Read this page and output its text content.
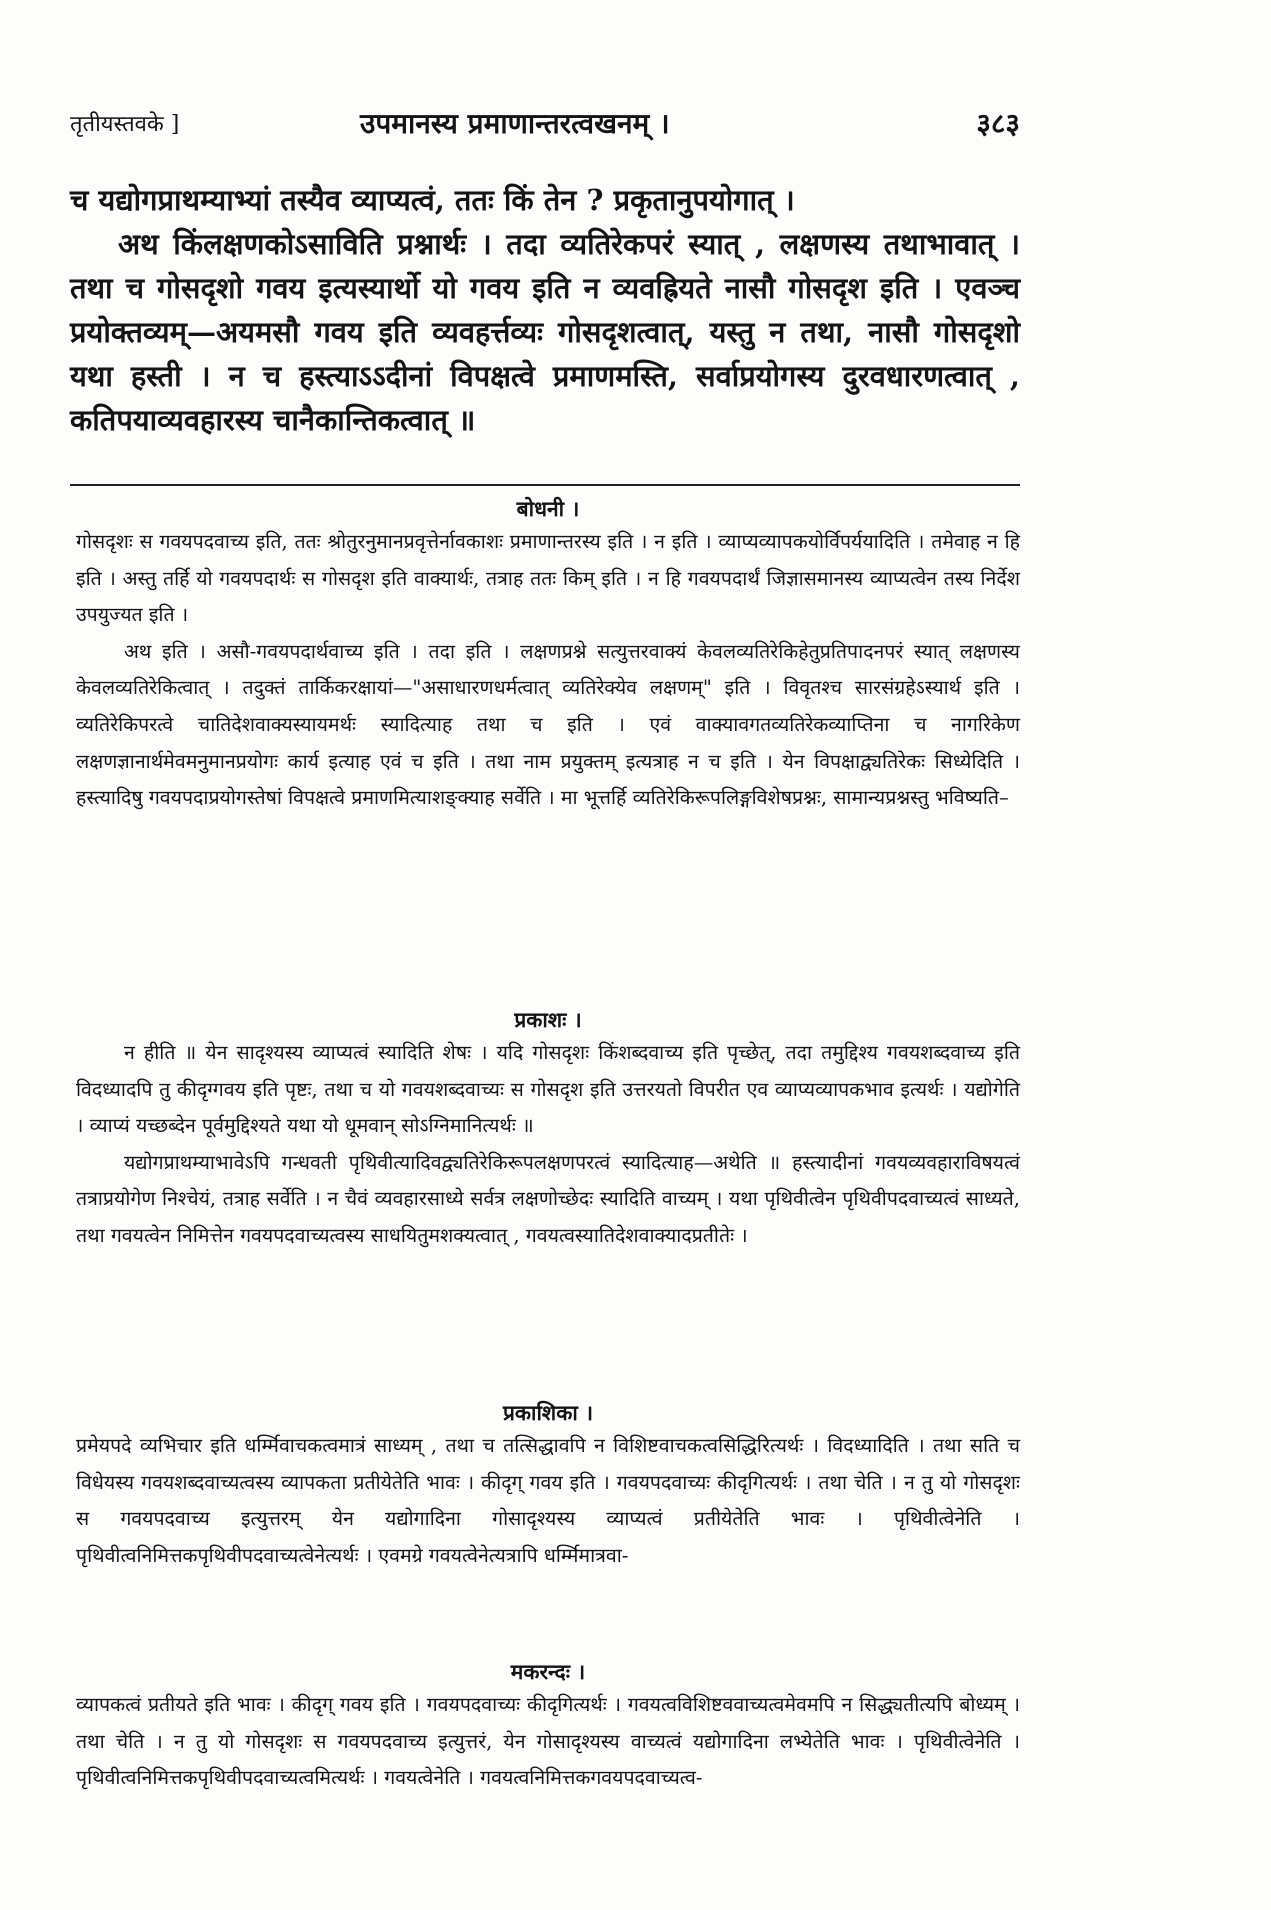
तृतीयस्तवके ]	उपमानस्य प्रमाणान्तरत्वखनम् ।	३८३

च यद्योगप्राथम्याभ्यां तस्यैव व्याप्यत्वं, ततः किं तेन ? प्रकृतानुपयोगात् ।

अथ किंलक्षणकोऽसाविति प्रश्नार्थः । तदा व्यतिरेकपरं स्यात् , लक्षणस्य तथाभावात् । तथा च गोसदृशो गवय इत्यस्यार्थो यो गवय इति न व्यवह्रियते नासौ गोसदृश इति । एवञ्च प्रयोक्तव्यम्—अयमसौ गवय इति व्यवहर्त्तव्यः गोसदृशत्वात्, यस्तु न तथा, नासौ गोसदृशो यथा हस्ती । न च हस्त्याऽऽदीनां विपक्षत्वे प्रमाणमस्ति, सर्वाप्रयोगस्य दुरवधारणत्वात् , कतिपयाव्यवहारस्य चानैकान्तिकत्वात् ॥

बोधनी ।

गोसदृशः स गवयपदवाच्य इति, ततः श्रोतुरनुमानप्रवृत्तेर्नावकाशः प्रमाणान्तरस्य इति । न इति । व्याप्यव्यापकयोर्विपर्ययादिति । तमेवाह न हि इति । अस्तु तर्हि यो गवयपदार्थः स गोसदृश इति वाक्यार्थः, तत्राह ततः किम् इति । न हि गवयपदार्थं जिज्ञासमानस्य व्याप्यत्वेन तस्य निर्देश उपयुज्यत इति ।

अथ इति । असौ-गवयपदार्थवाच्य इति । तदा इति । लक्षणप्रश्ने सत्युत्तरवाक्यं केवलव्यतिरेकिहेतुप्रतिपादनपरं स्यात् लक्षणस्य केवलव्यतिरेकित्वात् । तदुक्तं तार्किकरक्षायां—"असाधारणधर्मत्वात् व्यतिरेक्येव लक्षणम्" इति । विवृतश्च सारसंग्रहेऽस्यार्थ इति । व्यतिरेकिपरत्वे चातिदेशवाक्यस्यायमर्थः स्यादित्याह तथा च इति । एवं वाक्यावगतव्यतिरेकव्याप्तिना च नागरिकेण लक्षणज्ञानार्थमेवमनुमानप्रयोगः कार्य इत्याह एवं च इति । तथा नाम प्रयुक्तम् इत्यत्राह न च इति । येन विपक्षाद्व्यतिरेकः सिध्येदिति । हस्त्यादिषु गवयपदाप्रयोगस्तेषां विपक्षत्वे प्रमाणमित्याशङ्क्याह सर्वेति । मा भूत्तर्हि व्यतिरेकिरूपलिङ्गविशेषप्रश्नः, सामान्यप्रश्नस्तु भविष्यति–

प्रकाशः ।

न हीति ॥ येन सादृश्यस्य व्याप्यत्वं स्यादिति शेषः । यदि गोसदृशः किंशब्दवाच्य इति पृच्छेत्, तदा तमुद्दिश्य गवयशब्दवाच्य इति विदध्यादपि तु कीदृग्गवय इति पृष्टः, तथा च यो गवयशब्दवाच्यः स गोसदृश इति उत्तरयतो विपरीत एव व्याप्यव्यापकभाव इत्यर्थः । यद्योगेति । व्याप्यं यच्छब्देन पूर्वमुद्दिश्यते यथा यो धूमवान् सोऽग्निमानित्यर्थः ॥

यद्योगप्राथम्याभावेऽपि गन्धवती पृथिवीत्यादिवद्व्यतिरेकिरूपलक्षणपरत्वं स्यादित्याह—अथेति ॥ हस्त्यादीनां गवयव्यवहाराविषयत्वं तत्राप्रयोगेण निश्चेयं, तत्राह सर्वेति । न चैवं व्यवहारसाध्ये सर्वत्र लक्षणोच्छेदः स्यादिति वाच्यम् । यथा पृथिवीत्वेन पृथिवीपदवाच्यत्वं साध्यते, तथा गवयत्वेन निमित्तेन गवयपदवाच्यत्वस्य साधयितुमशक्यत्वात् , गवयत्वस्यातिदेशवाक्यादप्रतीतेः ।

प्रकाशिका ।

प्रमेयपदे व्यभिचार इति धर्म्मिवाचकत्वमात्रं साध्यम् , तथा च तत्सिद्धावपि न विशिष्टवाचकत्वसिद्धिरित्यर्थः । विदध्यादिति । तथा सति च विधेयस्य गवयशब्दवाच्यत्वस्य व्यापकता प्रतीयेतेति भावः । कीदृग् गवय इति । गवयपदवाच्यः कीदृगित्यर्थः । तथा चेति । न तु यो गोसदृशः स गवयपदवाच्य इत्युत्तरम् येन यद्योगादिना गोसादृश्यस्य व्याप्यत्वं प्रतीयेतेति भावः । पृथिवीत्वेनेति । पृथिवीत्वनिमित्तकपृथिवीपदवाच्यत्वेनेत्यर्थः । एवमग्रे गवयत्वेनेत्यत्रापि धर्म्मिमात्रवा-

मकरन्दः ।

व्यापकत्वं प्रतीयते इति भावः । कीदृग् गवय इति । गवयपदवाच्यः कीदृगित्यर्थः । गवयत्वविशिष्टववाच्यत्वमेवमपि न सिद्ध्यतीत्यपि बोध्यम् । तथा चेति । न तु यो गोसदृशः स गवयपदवाच्य इत्युत्तरं, येन गोसादृश्यस्य वाच्यत्वं यद्योगादिना लभ्येतेति भावः । पृथिवीत्वेनेति । पृथिवीत्वनिमित्तकपृथिवीपदवाच्यत्वमित्यर्थः । गवयत्वेनेति । गवयत्वनिमित्तकगवयपदवाच्यत्व-
